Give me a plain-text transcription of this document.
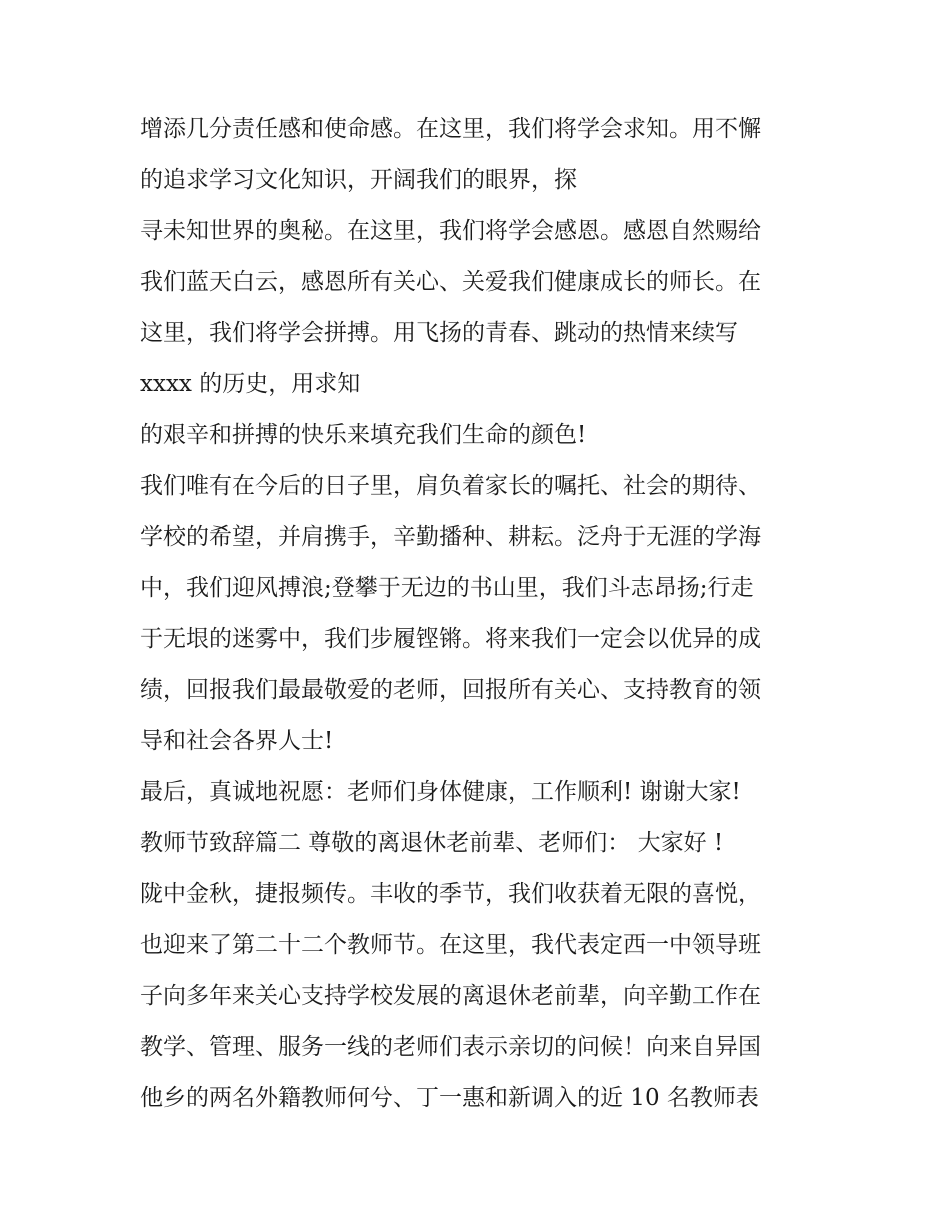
增添几分责任感和使命感。在这里，我们将学会求知。用不懈
的追求学习文化知识，开阔我们的眼界，探
寻未知世界的奥秘。在这里，我们将学会感恩。感恩自然赐给
我们蓝天白云，感恩所有关心、关爱我们健康成长的师长。在
这里，我们将学会拼搏。用飞扬的青春、跳动的热情来续写
xxxx 的历史，用求知
的艰辛和拼搏的快乐来填充我们生命的颜色!
我们唯有在今后的日子里，肩负着家长的嘱托、社会的期待、
学校的希望，并肩携手，辛勤播种、耕耘。泛舟于无涯的学海
中，我们迎风搏浪;登攀于无边的书山里，我们斗志昂扬;行走
于无垠的迷雾中，我们步履铿锵。将来我们一定会以优异的成
绩，回报我们最最敬爱的老师，回报所有关心、支持教育的领
导和社会各界人士!
最后，真诚地祝愿：老师们身体健康，工作顺利! 谢谢大家!
教师节致辞篇二 尊敬的离退休老前辈、老师们： 大家好 !
陇中金秋，捷报频传。丰收的季节，我们收获着无限的喜悦，
也迎来了第二十二个教师节。在这里，我代表定西一中领导班
子向多年来关心支持学校发展的离退休老前辈，向辛勤工作在
教学、管理、服务一线的老师们表示亲切的问候！向来自异国
他乡的两名外籍教师何兮、丁一惠和新调入的近 10 名教师表
